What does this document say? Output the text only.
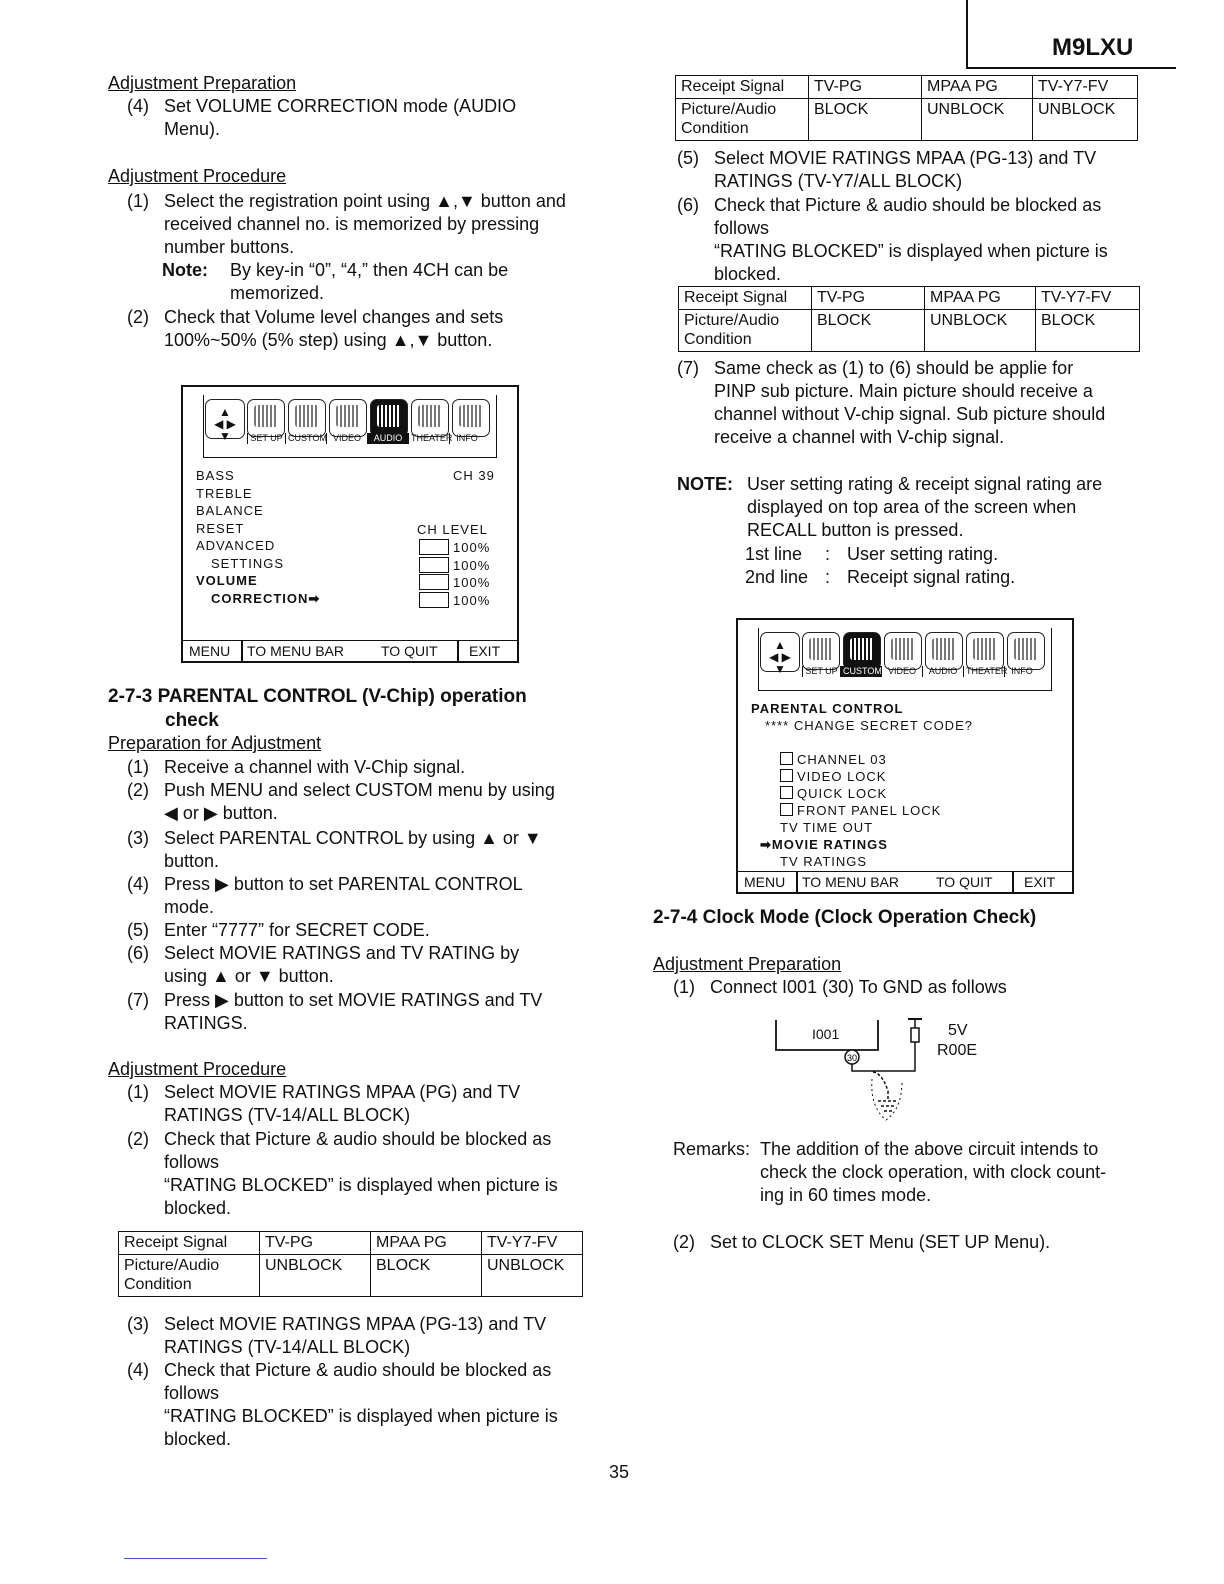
M9LXU
Adjustment Preparation
(4) Set VOLUME CORRECTION mode (AUDIO
Menu).
Adjustment Procedure
(1) Select the registration point using ▲,▼ button and
received channel no. is memorized by pressing
number buttons.
Note: By key-in “0”, “4,” then 4CH can be
memorized.
(2) Check that Volume level changes and sets
100%~50% (5% step) using ▲,▼ button.
▲
◀ ▶
▼	SET UP CUSTOM VIDEO AUDIO THEATER INFO
BASS
TREBLE
BALANCE
RESET
ADVANCED
SETTINGS
VOLUME
CORRECTION➡
CH 39
CH LEVEL
100%
100%
100%
100%
MENU TO MENU BAR	TO QUIT EXIT
2-7-3 PARENTAL CONTROL (V-Chip) operation
check
Preparation for Adjustment
(1) Receive a channel with V-Chip signal.
(2) Push MENU and select CUSTOM menu by using
◀ or ▶ button.
(3) Select PARENTAL CONTROL by using ▲ or ▼
button.
(4) Press ▶ button to set PARENTAL CONTROL
mode.
(5) Enter “7777” for SECRET CODE.
(6) Select MOVIE RATINGS and TV RATING by
using ▲ or ▼ button.
(7) Press ▶ button to set MOVIE RATINGS and TV
RATINGS.
Adjustment Procedure
(1) Select MOVIE RATINGS MPAA (PG) and TV
RATINGS (TV-14/ALL BLOCK)
(2) Check that Picture & audio should be blocked as
follows
“RATING BLOCKED” is displayed when picture is
blocked.
Receipt Signal	TV-PG	MPAA PG	TV-Y7-FV
Picture/Audio Condition	UNBLOCK	BLOCK	UNBLOCK
(3) Select MOVIE RATINGS MPAA (PG-13) and TV
RATINGS (TV-14/ALL BLOCK)
(4) Check that Picture & audio should be blocked as
follows
“RATING BLOCKED” is displayed when picture is
blocked.
Receipt Signal	TV-PG	MPAA PG	TV-Y7-FV
Picture/Audio Condition	BLOCK	UNBLOCK	UNBLOCK
(5) Select MOVIE RATINGS MPAA (PG-13) and TV
RATINGS (TV-Y7/ALL BLOCK)
(6) Check that Picture & audio should be blocked as
follows
“RATING BLOCKED” is displayed when picture is
blocked.
Receipt Signal	TV-PG	MPAA PG	TV-Y7-FV
Picture/Audio Condition	BLOCK	UNBLOCK	BLOCK
(7) Same check as (1) to (6) should be applie for
PINP sub picture. Main picture should receive a
channel without V-chip signal. Sub picture should
receive a channel with V-chip signal.
NOTE: User setting rating & receipt signal rating are
displayed on top area of the screen when
RECALL button is pressed.
1st line : User setting rating.
2nd line : Receipt signal rating.
▲
◀ ▶
▼	SET UP CUSTOM VIDEO AUDIO THEATER INFO
PARENTAL CONTROL
**** CHANGE SECRET CODE?
CHANNEL 03
VIDEO LOCK
QUICK LOCK
FRONT PANEL LOCK
TV TIME OUT
➡MOVIE RATINGS
TV RATINGS
MENU TO MENU BAR	TO QUIT EXIT
2-7-4 Clock Mode (Clock Operation Check)
Adjustment Preparation
(1) Connect I001 (30) To GND as follows
30
I001	5V
R00E
Remarks: The addition of the above circuit intends to
check the clock operation, with clock count-
ing in 60 times mode.
(2) Set to CLOCK SET Menu (SET UP Menu).
35
